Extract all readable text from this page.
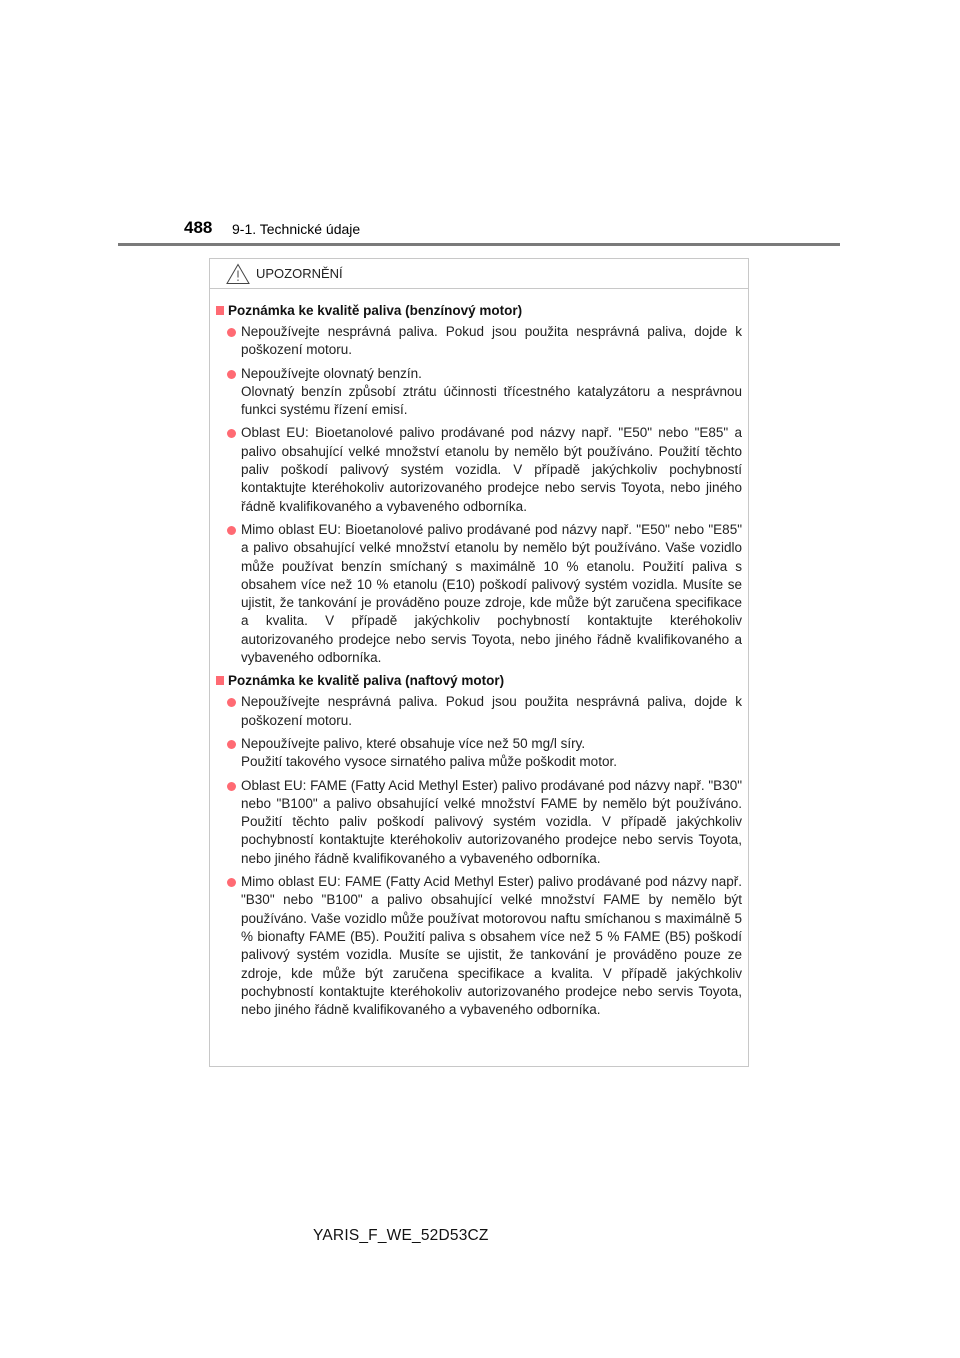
488 9-1. Technické údaje
UPOZORNĚNÍ
Poznámka ke kvalitě paliva (benzínový motor)

Nepoužívejte nesprávná paliva. Pokud jsou použita nesprávná paliva, dojde k poškození motoru.

Nepoužívejte olovnatý benzín.
Olovnatý benzín způsobí ztrátu účinnosti třícestného katalyzátoru a nesprávnou funkci systému řízení emisí.

Oblast EU: Bioetanolové palivo prodávané pod názvy např. "E50" nebo "E85" a palivo obsahující velké množství etanolu by nemělo být používáno. Použití těchto paliv poškodí palivový systém vozidla. V případě jakýchkoliv pochybností kontaktujte kteréhokoliv autorizovaného prodejce nebo servis Toyota, nebo jiného řádně kvalifikovaného a vybaveného odborníka.

Mimo oblast EU: Bioetanolové palivo prodávané pod názvy např. "E50" nebo "E85" a palivo obsahující velké množství etanolu by nemělo být používáno. Vaše vozidlo může používat benzín smíchaný s maximálně 10 % etanolu. Použití paliva s obsahem více než 10 % etanolu (E10) poškodí palivový systém vozidla. Musíte se ujistit, že tankování je prováděno pouze zdroje, kde může být zaručena specifikace a kvalita. V případě jakýchkoliv pochybností kontaktujte kteréhokoliv autorizovaného prodejce nebo servis Toyota, nebo jiného řádně kvalifikovaného a vybaveného odborníka.

Poznámka ke kvalitě paliva (naftový motor)

Nepoužívejte nesprávná paliva. Pokud jsou použita nesprávná paliva, dojde k poškození motoru.

Nepoužívejte palivo, které obsahuje více než 50 mg/l síry.
Použití takového vysoce sirnatého paliva může poškodit motor.

Oblast EU: FAME (Fatty Acid Methyl Ester) palivo prodávané pod názvy např. "B30" nebo "B100" a palivo obsahující velké množství FAME by nemělo být používáno. Použití těchto paliv poškodí palivový systém vozidla. V případě jakýchkoliv pochybností kontaktujte kteréhokoliv autorizovaného prodejce nebo servis Toyota, nebo jiného řádně kvalifikovaného a vybaveného odborníka.

Mimo oblast EU: FAME (Fatty Acid Methyl Ester) palivo prodávané pod názvy např. "B30" nebo "B100" a palivo obsahující velké množství FAME by nemělo být používáno. Vaše vozidlo může používat motorovou naftu smíchanou s maximálně 5 % bionafty FAME (B5). Použití paliva s obsahem více než 5 % FAME (B5) poškodí palivový systém vozidla. Musíte se ujistit, že tankování je prováděno pouze ze zdroje, kde může být zaručena specifikace a kvalita. V případě jakýchkoliv pochybností kontaktujte kteréhokoliv autorizovaného prodejce nebo servis Toyota, nebo jiného řádně kvalifikovaného a vybaveného odborníka.

YARIS_F_WE_52D53CZ
